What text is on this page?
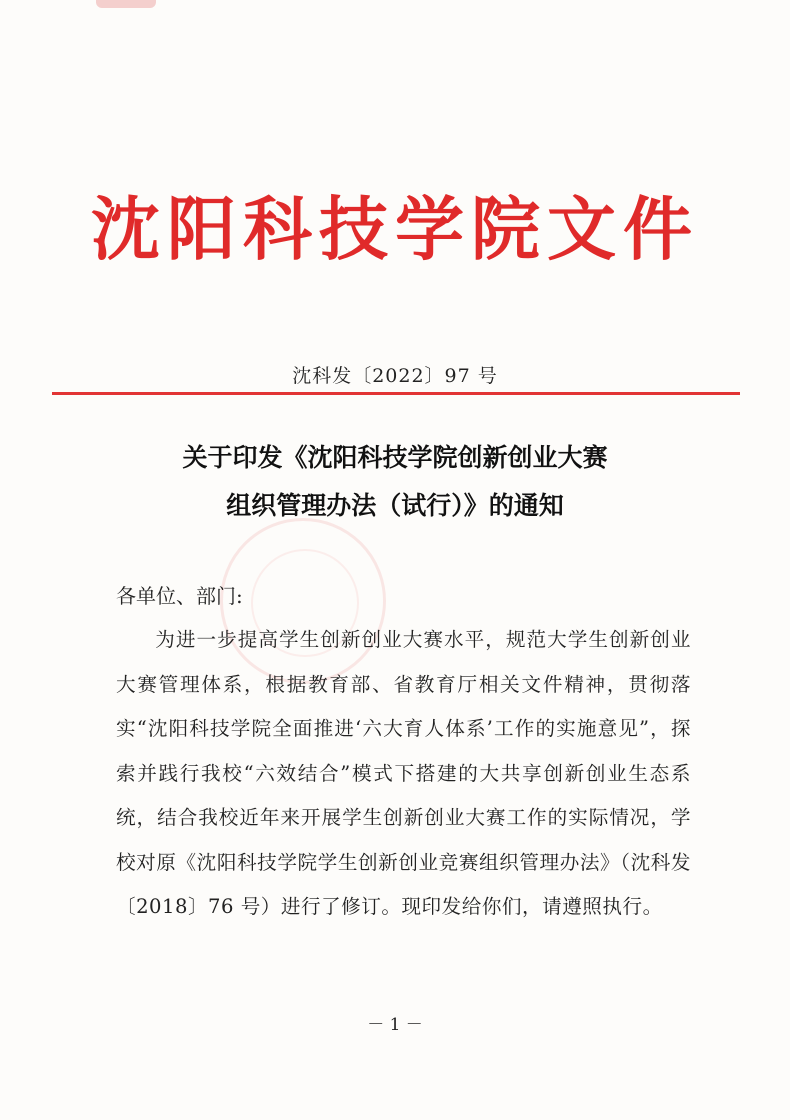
沈阳科技学院文件
沈科发〔2022〕97 号
关于印发《沈阳科技学院创新创业大赛
组织管理办法（试行）》的通知
各单位、部门:
为进一步提高学生创新创业大赛水平，规范大学生创新创业大赛管理体系，根据教育部、省教育厅相关文件精神，贯彻落实“沈阳科技学院全面推进‘六大育人体系’工作的实施意见”，探索并践行我校“六效结合”模式下搭建的大共享创新创业生态系统，结合我校近年来开展学生创新创业大赛工作的实际情况，学校对原《沈阳科技学院学生创新创业竞赛组织管理办法》（沈科发〔2018〕76 号）进行了修订。现印发给你们，请遵照执行。
－ 1 －
